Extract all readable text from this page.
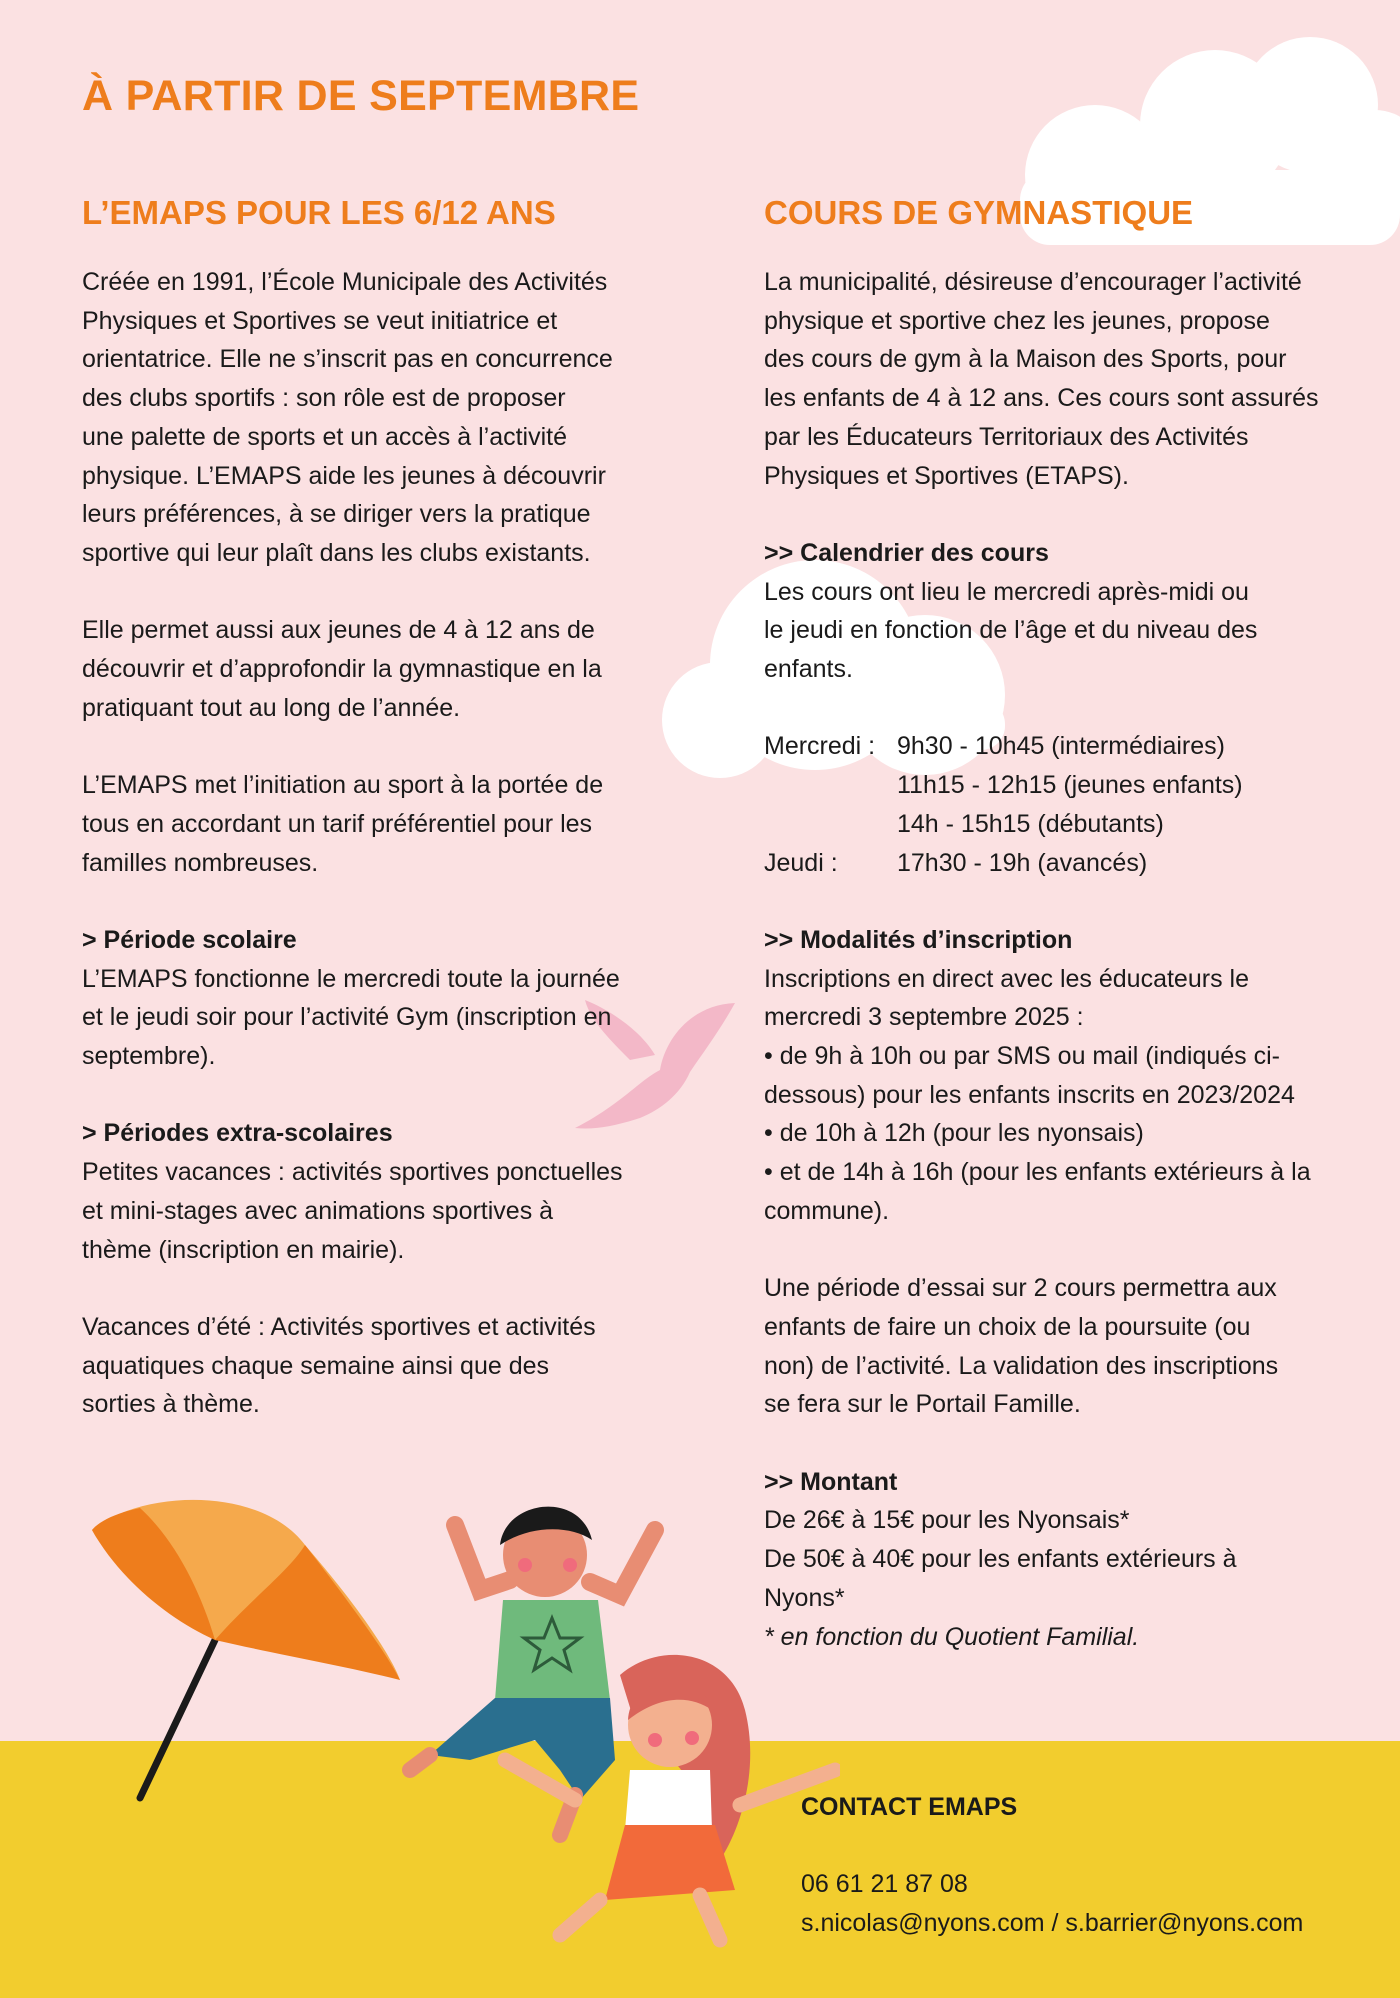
À PARTIR DE SEPTEMBRE
L’EMAPS POUR LES 6/12 ANS

Créée en 1991, l’École Municipale des Activités
Physiques et Sportives se veut initiatrice et
orientatrice. Elle ne s’inscrit pas en concurrence
des clubs sportifs : son rôle est de proposer
une palette de sports et un accès à l’activité
physique. L’EMAPS aide les jeunes à découvrir
leurs préférences, à se diriger vers la pratique
sportive qui leur plaît dans les clubs existants.

Elle permet aussi aux jeunes de 4 à 12 ans de
découvrir et d’approfondir la gymnastique en la
pratiquant tout au long de l’année.

L’EMAPS met l’initiation au sport à la portée de
tous en accordant un tarif préférentiel pour les
familles nombreuses.

> Période scolaire
L’EMAPS fonctionne le mercredi toute la journée
et le jeudi soir pour l’activité Gym (inscription en
septembre).

> Périodes extra-scolaires
Petites vacances : activités sportives ponctuelles
et mini-stages avec animations sportives à
thème (inscription en mairie).

Vacances d’été : Activités sportives et activités
aquatiques chaque semaine ainsi que des
sorties à thème.

COURS DE GYMNASTIQUE

La municipalité, désireuse d’encourager l’activité
physique et sportive chez les jeunes, propose
des cours de gym à la Maison des Sports, pour
les enfants de 4 à 12 ans. Ces cours sont assurés
par les Éducateurs Territoriaux des Activités
Physiques et Sportives (ETAPS).

>> Calendrier des cours
Les cours ont lieu le mercredi après-midi ou
le jeudi en fonction de l’âge et du niveau des
enfants.

Mercredi : 9h30 - 10h45 (intermédiaires)
11h15 - 12h15 (jeunes enfants)
14h - 15h15 (débutants)
Jeudi : 17h30 - 19h (avancés)

>> Modalités d’inscription
Inscriptions en direct avec les éducateurs le
mercredi 3 septembre 2025 :
• de 9h à 10h ou par SMS ou mail (indiqués ci-
dessous) pour les enfants inscrits en 2023/2024
• de 10h à 12h (pour les nyonsais)
• et de 14h à 16h (pour les enfants extérieurs à la
commune).

Une période d’essai sur 2 cours permettra aux
enfants de faire un choix de la poursuite (ou
non) de l’activité. La validation des inscriptions
se fera sur le Portail Famille.

>> Montant
De 26€ à 15€ pour les Nyonsais*
De 50€ à 40€ pour les enfants extérieurs à
Nyons*
* en fonction du Quotient Familial.

CONTACT EMAPS
06 61 21 87 08
s.nicolas@nyons.com / s.barrier@nyons.com
